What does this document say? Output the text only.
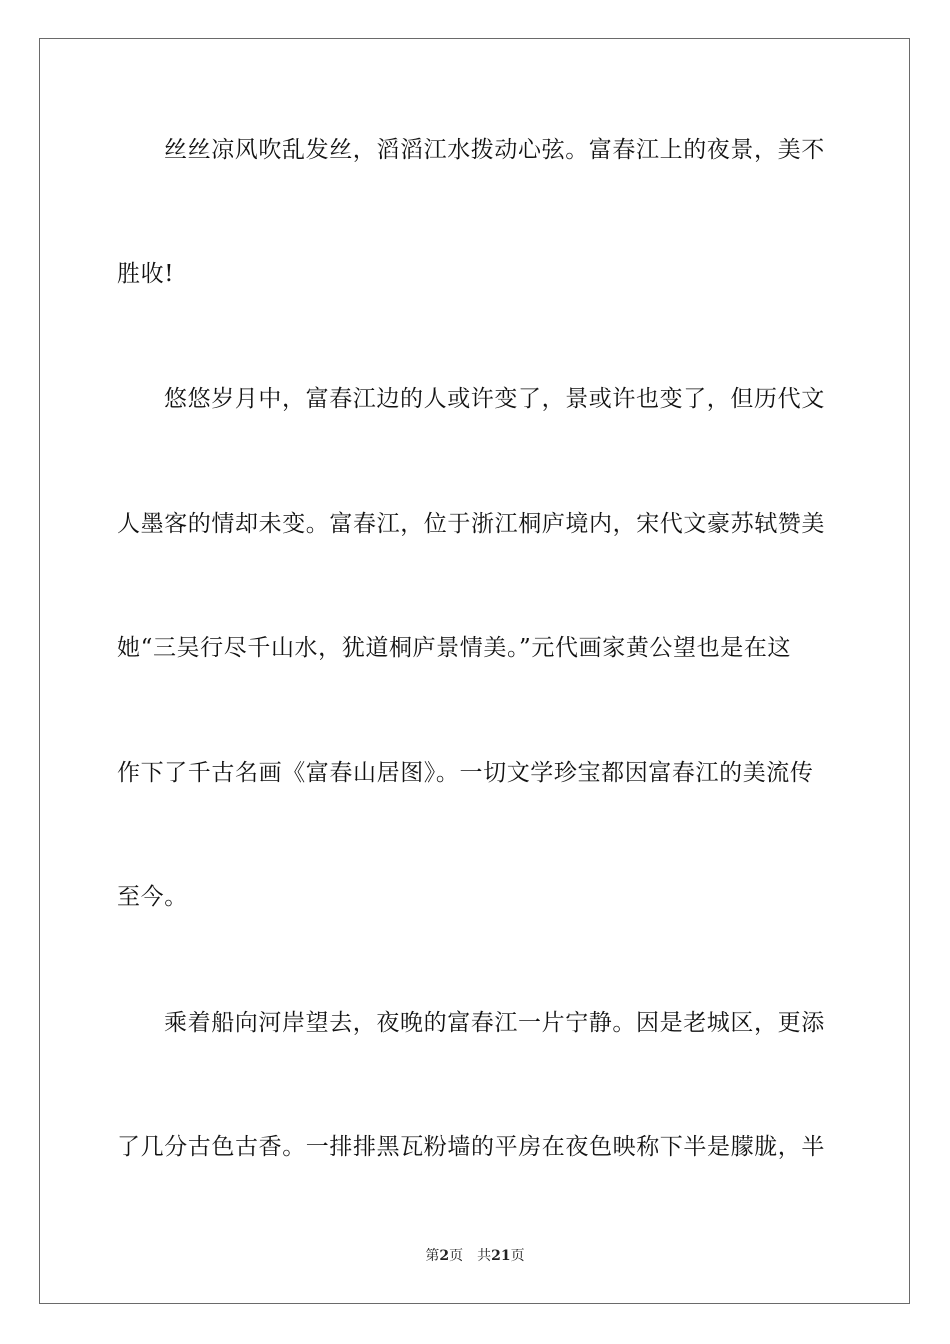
丝丝凉风吹乱发丝，滔滔江水拨动心弦。富春江上的夜景，美不
胜收!
悠悠岁月中，富春江边的人或许变了，景或许也变了，但历代文
人墨客的情却未变。富春江，位于浙江桐庐境内，宋代文豪苏轼赞美
她“三吴行尽千山水，犹道桐庐景情美。”元代画家黄公望也是在这
作下了千古名画《富春山居图》。一切文学珍宝都因富春江的美流传
至今。
乘着船向河岸望去，夜晚的富春江一片宁静。因是老城区，更添
了几分古色古香。一排排黑瓦粉墙的平房在夜色映称下半是朦胧，半
第2页 共21页
